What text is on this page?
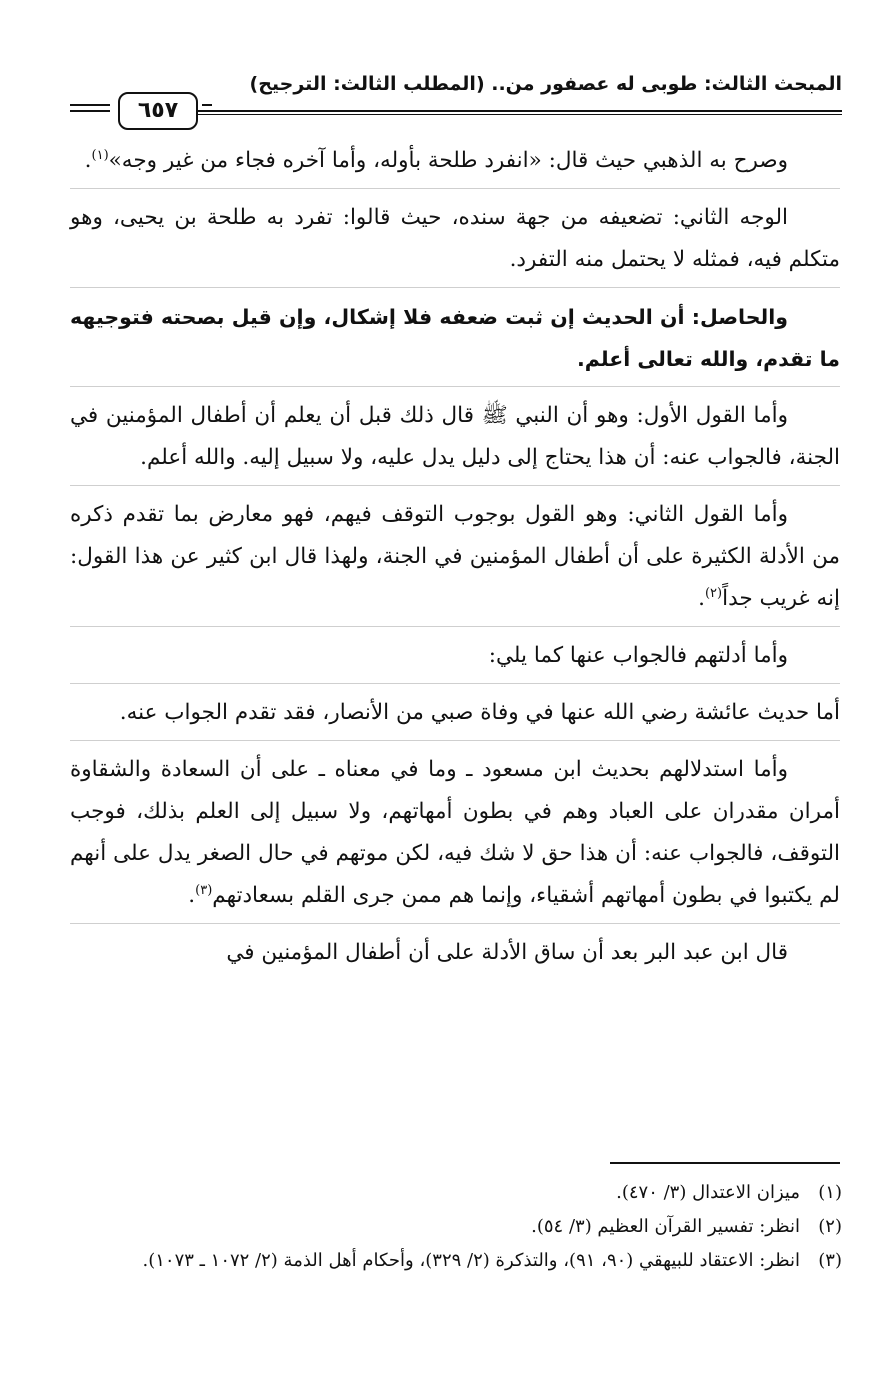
المبحث الثالث: طوبى له عصفور من.. (المطلب الثالث: الترجيح)
٦٥٧

وصرح به الذهبي حيث قال: «انفرد طلحة بأوله، وأما آخره فجاء من غير وجه»$^{(١)}$.

الوجه الثاني: تضعيفه من جهة سنده، حيث قالوا: تفرد به طلحة بن يحيى، وهو متكلم فيه، فمثله لا يحتمل منه التفرد.

والحاصل: أن الحديث إن ثبت ضعفه فلا إشكال، وإن قيل بصحته فتوجيهه ما تقدم، والله تعالى أعلم.

وأما القول الأول: وهو أن النبي ﷺ قال ذلك قبل أن يعلم أن أطفال المؤمنين في الجنة، فالجواب عنه: أن هذا يحتاج إلى دليل يدل عليه، ولا سبيل إليه. والله أعلم.

وأما القول الثاني: وهو القول بوجوب التوقف فيهم، فهو معارض بما تقدم ذكره من الأدلة الكثيرة على أن أطفال المؤمنين في الجنة، ولهذا قال ابن كثير عن هذا القول: إنه غريب جداً$^{(٢)}$.

وأما أدلتهم فالجواب عنها كما يلي:

أما حديث عائشة رضي الله عنها في وفاة صبي من الأنصار، فقد تقدم الجواب عنه.

وأما استدلالهم بحديث ابن مسعود ـ وما في معناه ـ على أن السعادة والشقاوة أمران مقدران على العباد وهم في بطون أمهاتهم، ولا سبيل إلى العلم بذلك، فوجب التوقف، فالجواب عنه: أن هذا حق لا شك فيه، لكن موتهم في حال الصغر يدل على أنهم لم يكتبوا في بطون أمهاتهم أشقياء، وإنما هم ممن جرى القلم بسعادتهم$^{(٣)}$.

قال ابن عبد البر بعد أن ساق الأدلة على أن أطفال المؤمنين في

(١)
ميزان الاعتدال (٣/ ٤٧٠).

(٢)
انظر: تفسير القرآن العظيم (٣/ ٥٤).

(٣)
انظر: الاعتقاد للبيهقي (٩٠، ٩١)، والتذكرة (٢/ ٣٢٩)، وأحكام أهل الذمة (٢/ ١٠٧٢ ـ ١٠٧٣).
